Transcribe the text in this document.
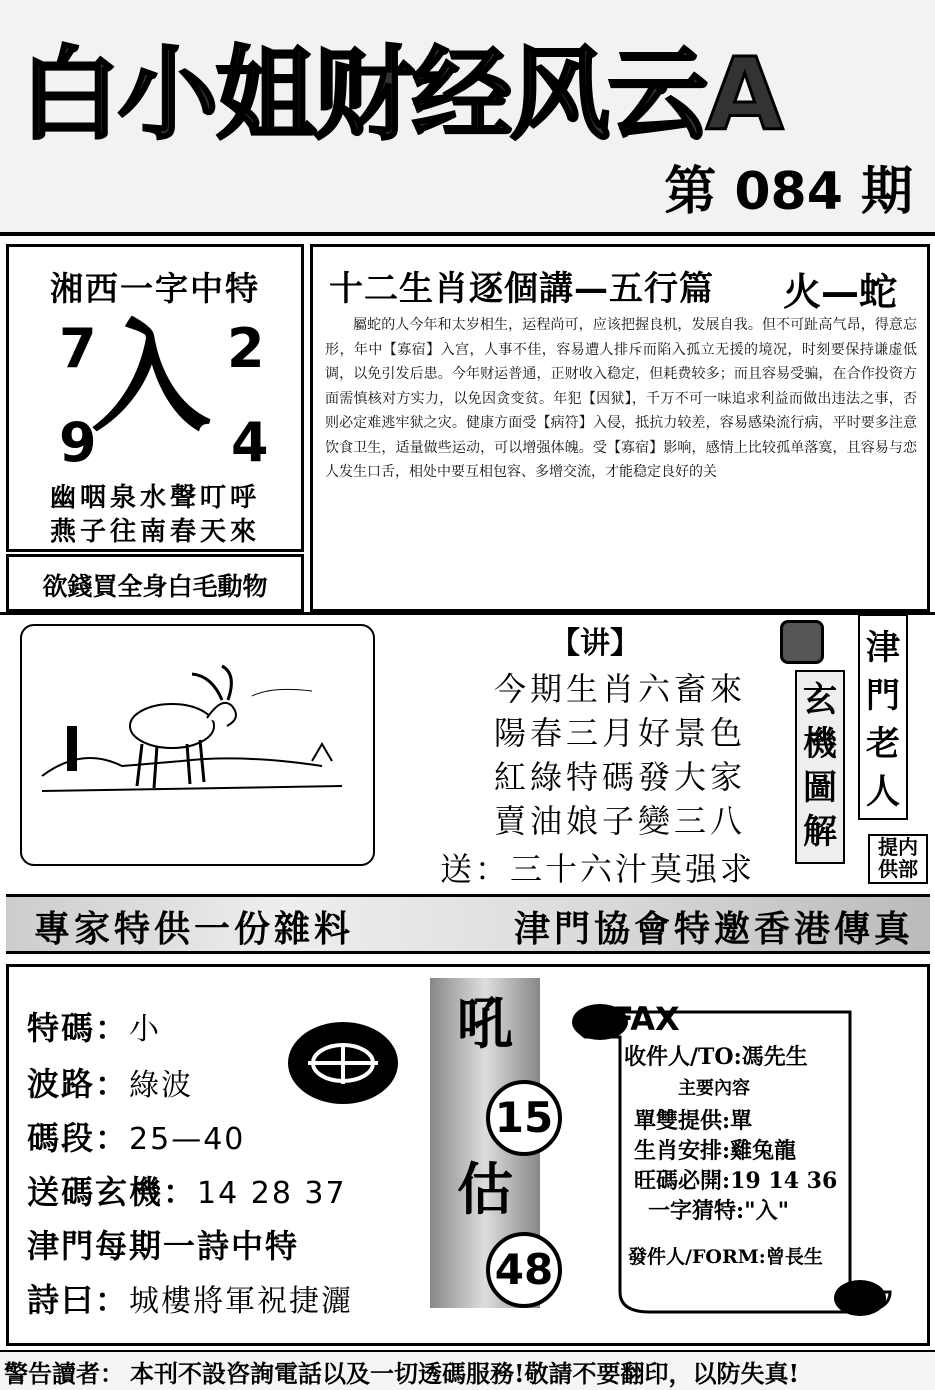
白小姐财经风云A
第 084 期
湘西一字中特
7 2
9 4
入
幽咽泉水聲叮呼
燕子往南春天來
欲錢買全身白毛動物
十二生肖逐個講—五行篇 火—蛇
屬蛇的人今年和太岁相生，运程尚可，应该把握良机，发展自我。但不可趾高气昂，得意忘形，年中【寡宿】入宫，人事不佳，容易遭人排斥而陷入孤立无援的境况，时刻要保持谦虚低调，以免引发后患。今年财运普通，正财收入稳定，但耗费较多；而且容易受骗，在合作投资方面需慎核对方实力，以免因贪变贫。年犯【因狱】，千万不可一味追求利益而做出违法之事，否则必定难逃牢狱之灾。健康方面受【病符】入侵，抵抗力较差，容易感染流行病，平时要多注意饮食卫生，适量做些运动，可以增强体魄。受【寡宿】影响，感情上比较孤单落寞，且容易与恋人发生口舌，相处中要互相包容、多增交流，才能稳定良好的关
【讲】
今期生肖六畜來
陽春三月好景色
紅綠特碼發大家
賣油娘子變三八
送：三十六汁莫强求
玄機圖解
津門老人
提内
供部
專家特供一份雜料	津門協會特邀香港傳真
特碼：小
波路：綠波
碼段：25—40
送碼玄機：14 28 37
津門每期一詩中特
詩曰：城樓將軍祝捷灑
吼
估
15
48
FAX
收件人/TO:馮先生
主要內容
單雙提供:單
生肖安排:雞兔龍
旺碼必開:19 14 36
一字猜特:"入"
發件人/FORM:曾長生
警告讀者： 本刊不設咨詢電話以及一切透碼服務!敬請不要翻印，以防失真!
